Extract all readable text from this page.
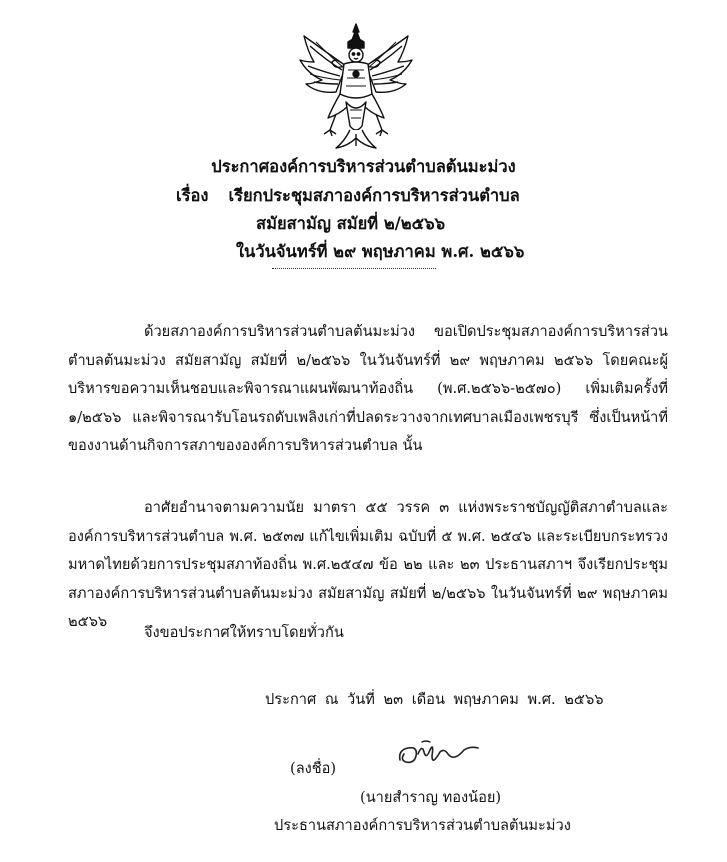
ประกาศองค์การบริหารส่วนตำบลต้นมะม่วง
เรื่อง เรียกประชุมสภาองค์การบริหารส่วนตำบล
สมัยสามัญ สมัยที่ ๒/๒๕๖๖
ในวันจันทร์ที่ ๒๙ พฤษภาคม พ.ศ. ๒๕๖๖
ด้วยสภาองค์การบริหารส่วนตำบลต้นมะม่วง ขอเปิดประชุมสภาองค์การบริหารส่วนตำบลต้นมะม่วง สมัยสามัญ สมัยที่ ๒/๒๕๖๖ ในวันจันทร์ที่ ๒๙ พฤษภาคม ๒๕๖๖ โดยคณะผู้บริหารขอความเห็นชอบและพิจารณาแผนพัฒนาท้องถิ่น (พ.ศ.๒๕๖๖-๒๕๗๐) เพิ่มเติมครั้งที่ ๑/๒๕๖๖ และพิจารณารับโอนรถดับเพลิงเก่าที่ปลดระวางจากเทศบาลเมืองเพชรบุรี ซึ่งเป็นหน้าที่ของงานด้านกิจการสภาขององค์การบริหารส่วนตำบล นั้น
อาศัยอำนาจตามความนัย มาตรา ๕๕ วรรค ๓ แห่งพระราชบัญญัติสภาตำบลและองค์การบริหารส่วนตำบล พ.ศ. ๒๕๓๗ แก้ไขเพิ่มเติม ฉบับที่ ๕ พ.ศ. ๒๕๔๖ และระเบียบกระทรวงมหาดไทยด้วยการประชุมสภาท้องถิ่น พ.ศ.๒๕๔๗ ข้อ ๒๒ และ ๒๓ ประธานสภาฯ จึงเรียกประชุมสภาองค์การบริหารส่วนตำบลต้นมะม่วง สมัยสามัญ สมัยที่ ๒/๒๕๖๖ ในวันจันทร์ที่ ๒๙ พฤษภาคม ๒๕๖๖
จึงขอประกาศให้ทราบโดยทั่วกัน
ประกาศ ณ วันที่ ๒๓ เดือน พฤษภาคม พ.ศ. ๒๕๖๖
(ลงชื่อ)
(นายสำราญ ทองน้อย)
ประธานสภาองค์การบริหารส่วนตำบลต้นมะม่วง
